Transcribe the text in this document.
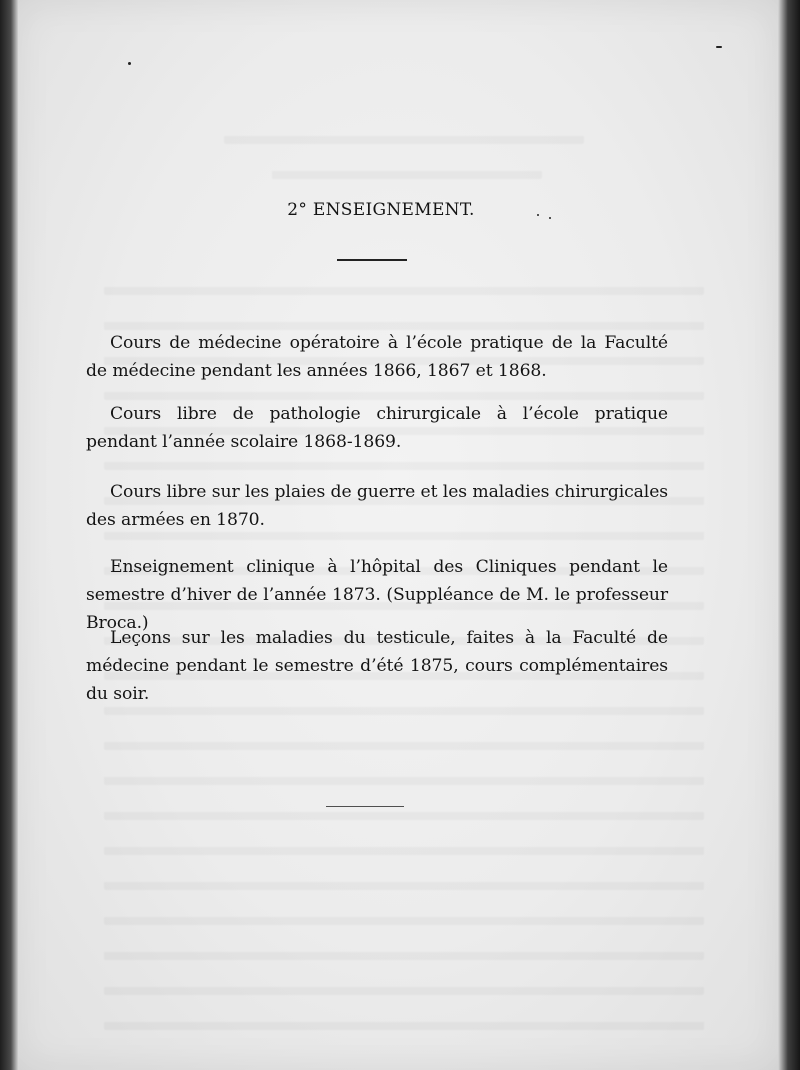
2° ENSEIGNEMENT.

Cours de médecine opératoire à l’école pratique de la Faculté de médecine pendant les années 1866, 1867 et 1868.

Cours libre de pathologie chirurgicale à l’école pratique pendant l’année scolaire 1868-1869.

Cours libre sur les plaies de guerre et les maladies chirurgicales des armées en 1870.

Enseignement clinique à l’hôpital des Cliniques pendant le semestre d’hiver de l’année 1873. (Suppléance de M. le professeur Broca.)

Leçons sur les maladies du testicule, faites à la Faculté de médecine pendant le semestre d’été 1875, cours complémentaires du soir.
